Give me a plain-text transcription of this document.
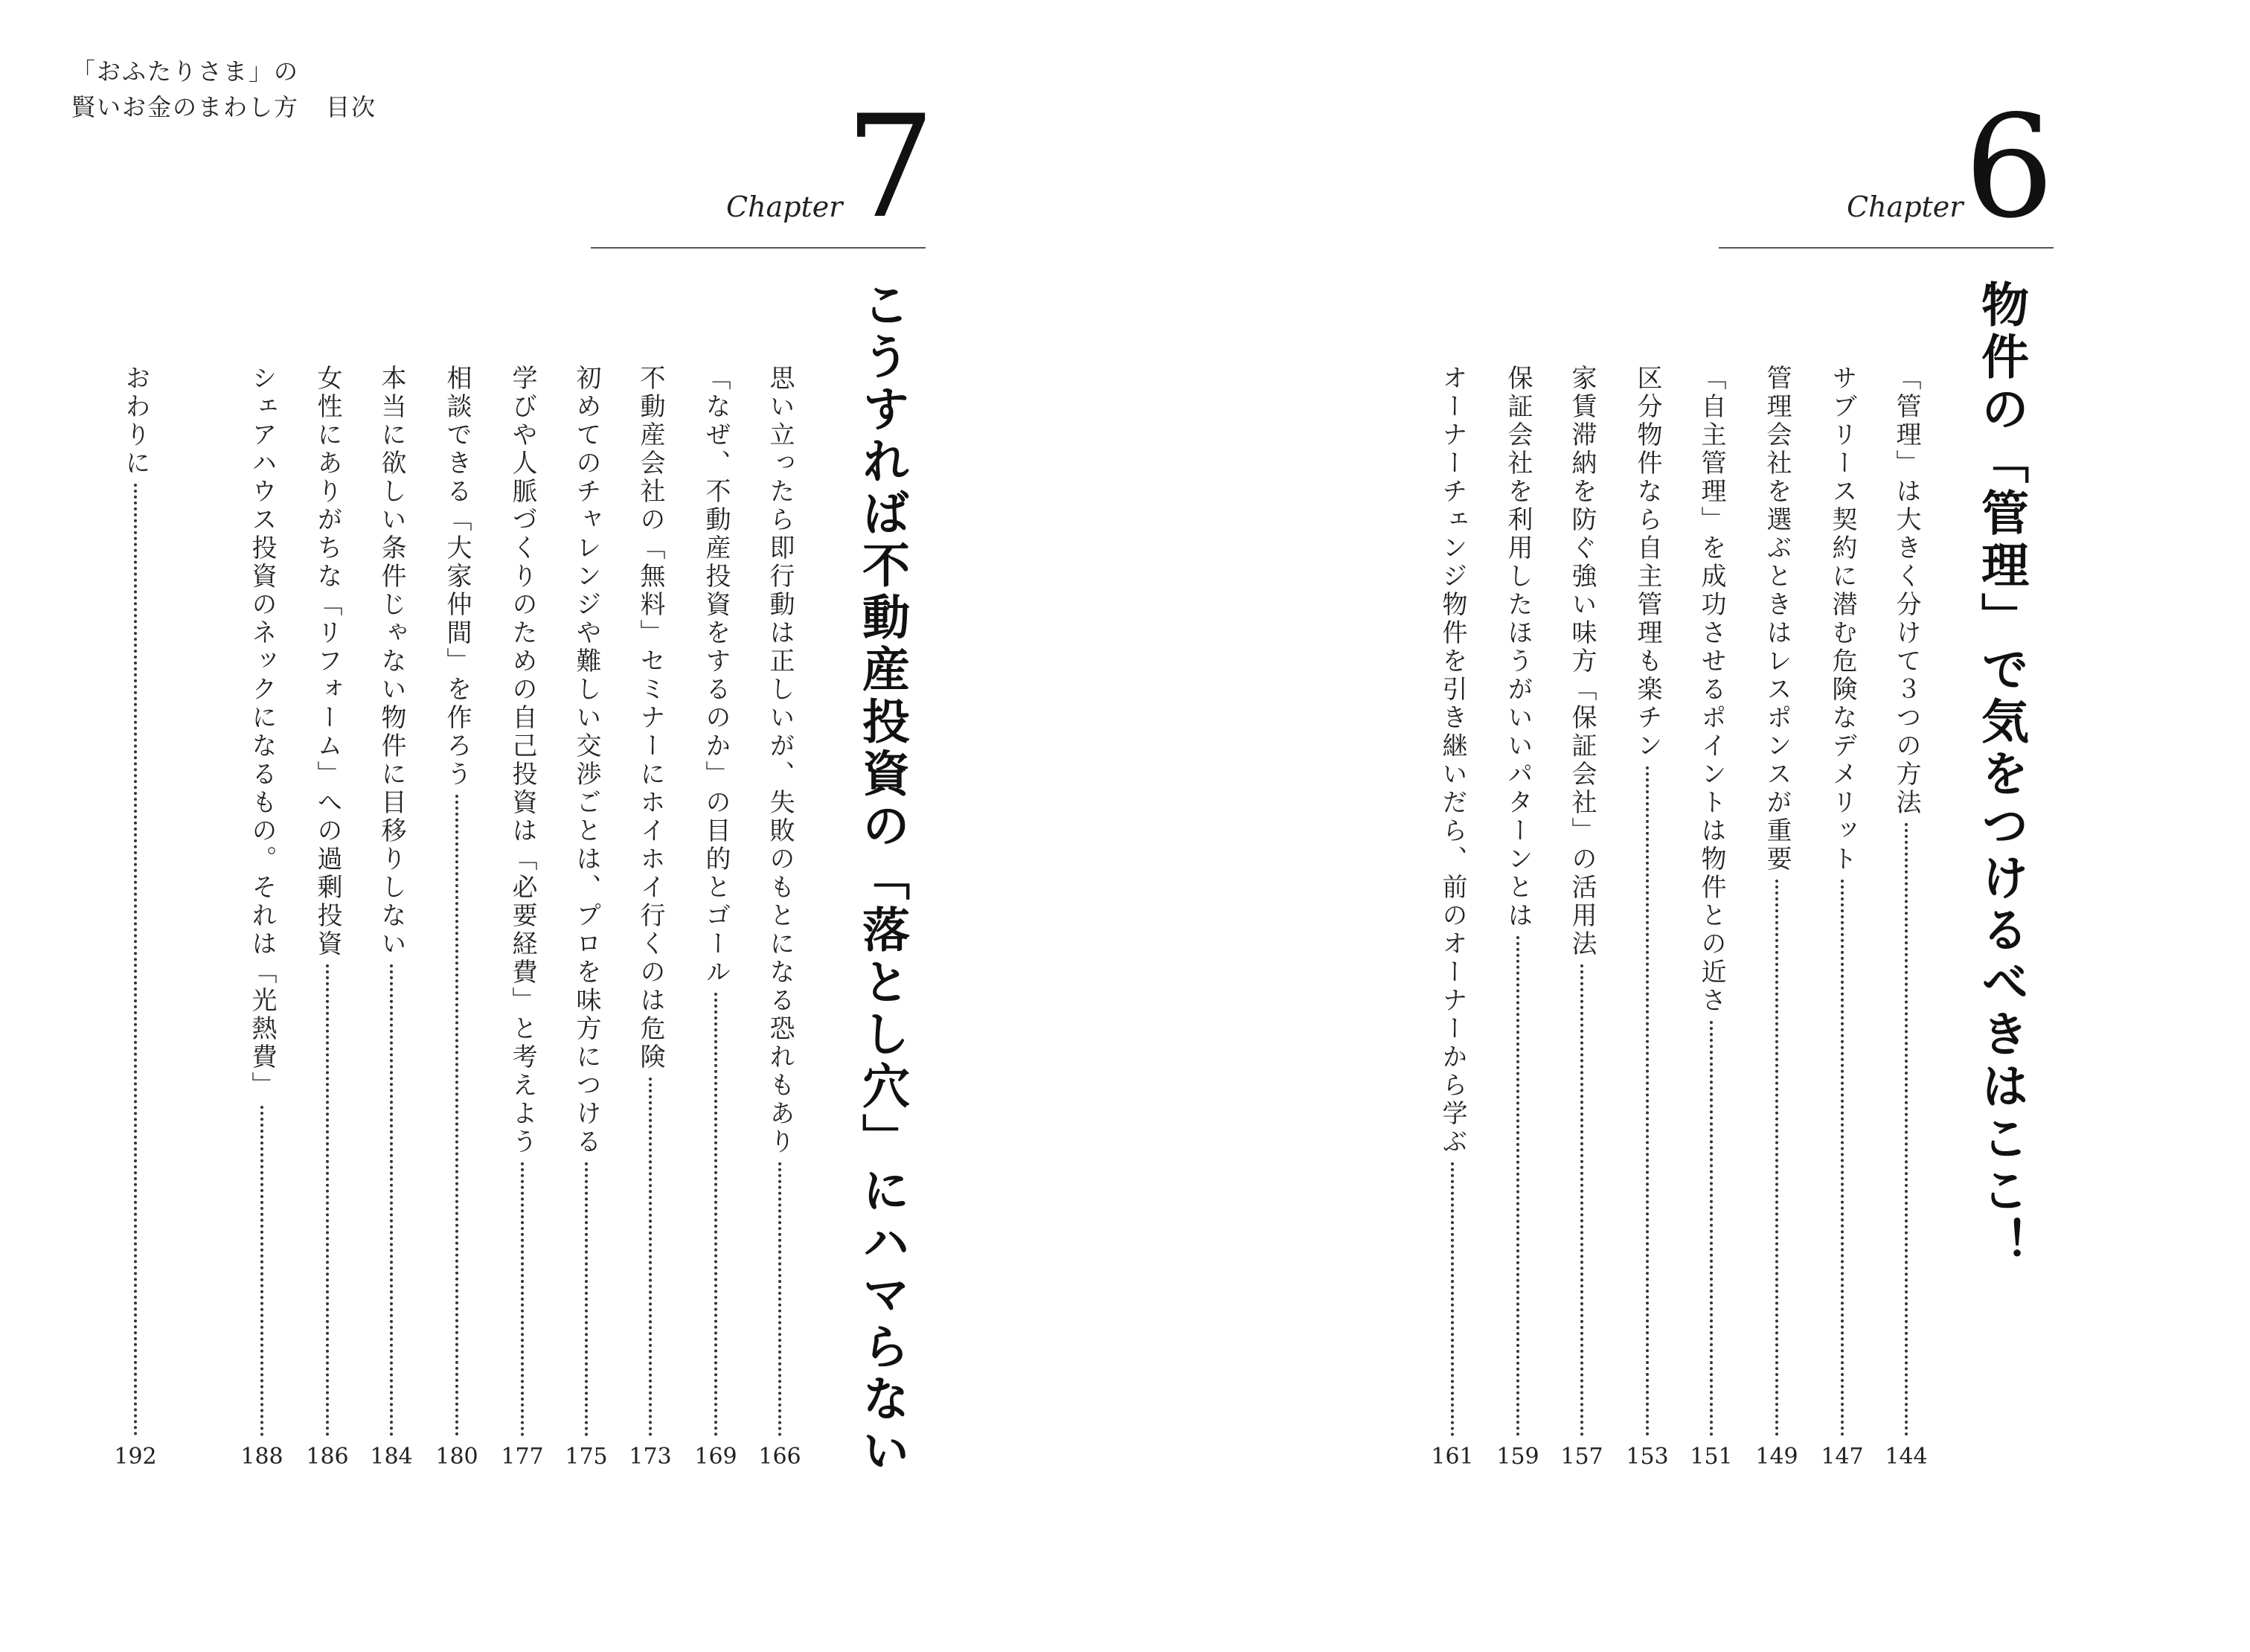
「おふたりさま」の
賢いお金のまわし方 目次
Chapter 7	Chapter 6
物件の「管理」で気をつけるべきはここ！
こうすれば不動産投資の「落とし穴」にハマらない	「管理」は大きく分けて３つの方法
144
サブリース契約に潜む危険なデメリット
147
管理会社を選ぶときはレスポンスが重要
149
「自主管理」を成功させるポイントは物件との近さ
151
区分物件なら自主管理も楽チン
153
家賃滞納を防ぐ強い味方「保証会社」の活用法
157
保証会社を利用したほうがいいパターンとは
159
オーナーチェンジ物件を引き継いだら、前のオーナーから学ぶ
161
思い立ったら即行動は正しいが、失敗のもとになる恐れもあり
166
「なぜ、不動産投資をするのか」の目的とゴール
169
不動産会社の「無料」セミナーにホイホイ行くのは危険
173
初めてのチャレンジや難しい交渉ごとは、プロを味方につける
175
学びや人脈づくりのための自己投資は「必要経費」と考えよう
177
相談できる「大家仲間」を作ろう
180
本当に欲しい条件じゃない物件に目移りしない
184
女性にありがちな「リフォーム」への過剰投資
186
シェアハウス投資のネックになるもの。それは「光熱費」
188
おわりに
192
